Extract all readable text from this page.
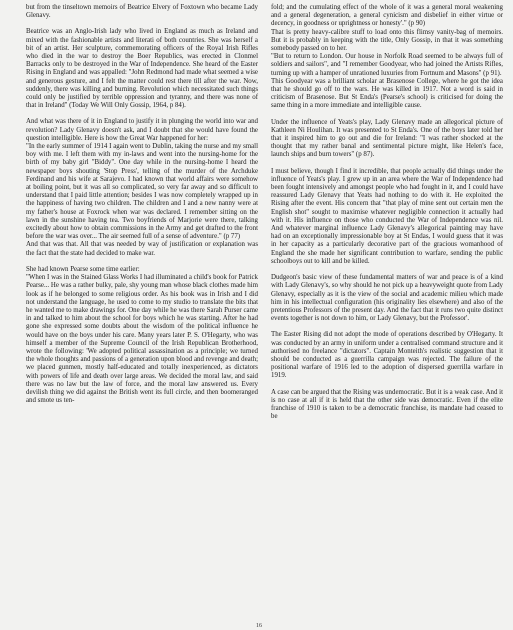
but from the tinseltown memoirs of Beatrice Elvery of Foxtown who became Lady Glenavy.

Beatrice was an Anglo-Irish lady who lived in England as much as Ireland and mixed with the fashionable artists and literati of both countries. She was herself a bit of an artist. Her sculpture, commemorating officers of the Royal Irish Rifles who died in the war to destroy the Boer Republics, was erected in Clonmel Barracks only to be destroyed in the War of Independence. She heard of the Easter Rising in England and was appalled: "John Redmond had made what seemed a wise and generous gesture, and I felt the matter could rest there till after the war. Now, suddenly, there was killing and burning. Revolution which necessitated such things could only be justified by terrible oppression and tyranny, and there was none of that in Ireland" (Today We Will Only Gossip, 1964, p 84).

And what was there of it in England to justify it in plunging the world into war and revolution? Lady Glenavy doesn't ask, and I doubt that she would have found the question intelligible. Here is how the Great War happened for her:

"In the early summer of 1914 I again went to Dublin, taking the nurse and my small boy with me. I left them with my in-laws and went into the nursing-home for the birth of my baby girl "Biddy". One day while in the nursing-home I heard the newspaper boys shouting 'Stop Press', telling of the murder of the Archduke Ferdinand and his wife at Sarajevo. I had known that world affairs were somehow at boiling point, but it was all so complicated, so very far away and so difficult to understand that I paid little attention; besides I was now completely wrapped up in the happiness of having two children. The children and I and a new nanny were at my father's house at Foxrock when war was declared. I remember sitting on the lawn in the sunshine having tea. Two boyfriends of Marjorie were there, talking excitedly about how to obtain commissions in the Army and get drafted to the front before the war was over... The air seemed full of a sense of adventure." (p 77)

And that was that. All that was needed by way of justification or explanation was the fact that the state had decided to make war.

She had known Pearse some time earlier:

"When I was in the Stained Glass Works I had illuminated a child's book for Patrick Pearse... He was a rather bulky, pale, shy young man whose black clothes made him look as if he belonged to some religious order. As his book was in Irish and I did not understand the language, he used to come to my studio to translate the bits that he wanted me to make drawings for. One day while he was there Sarah Purser came in and talked to him about the school for boys which he was starting. After he had gone she expressed some doubts about the wisdom of the political influence he would have on the boys under his care. Many years later P. S. O'Hegarty, who was himself a member of the Supreme Council of the Irish Republican Brotherhood, wrote the following: 'We adopted political assassination as a principle; we turned the whole thoughts and passions of a generation upon blood and revenge and death; we placed gunmen, mostly half-educated and totally inexperienced, as dictators with powers of life and death over large areas. We decided the moral law, and said there was no law but the law of force, and the moral law answered us. Every devilish thing we did against the British went its full circle, and then boomeranged and smote us ten-

fold; and the cumulating effect of the whole of it was a general moral weakening and a general degeneration, a general cynicism and disbelief in either virtue or decency, in goodness or uprightness or honesty'." (p 90)

That is pretty heavy-calibre stuff to load onto this flimsy vanity-bag of memoirs. But it is probably in keeping with the title, Only Gossip, in that it was something somebody passed on to her.

"But to return to London. Our house in Norfolk Road seemed to be always full of soldiers and sailors", and "I remember Goodyear, who had joined the Artists Rifles, turning up with a hamper of unrationed luxuries from Fortnum and Masons" (p 91).

This Goodyear was a brilliant scholar at Brasenose College, where he got the idea that he should go off to the wars. He was killed in 1917. Not a word is said in criticism of Brasenose. But St Enda's (Pearse's school) is criticised for doing the same thing in a more immediate and intelligible cause.

Under the influence of Yeats's play, Lady Glenavy made an allegorical picture of Kathleen Ni Houlihan. It was presented to St Enda's. One of the boys later told her that it inspired him to go out and die for Ireland: "I was rather shocked at the thought that my rather banal and sentimental picture might, like Helen's face, launch ships and burn towers" (p 87).

I must believe, though I find it incredible, that people actually did things under the influence of Yeats's play. I grew up in an area where the War of Independence had been fought intensively and amongst people who had fought in it, and I could have reassured Lady Glenavy that Yeats had nothing to do with it. He exploited the Rising after the event. His concern that "that play of mine sent out certain men the English shot" sought to maximise whatever negligible connection it actually had with it. His influence on those who conducted the War of Independence was nil. And whatever marginal influence Lady Glenavy's allegorical painting may have had on an exceptionally impressionable boy at St Endas, I would guess that it was in her capacity as a particularly decorative part of the gracious womanhood of England the she made her significant contribution to warfare, sending the public schoolboys out to kill and be killed.

Dudgeon's basic view of these fundamental matters of war and peace is of a kind with Lady Glenavy's, so why should he not pick up a heavyweight quote from Lady Glenavy, especially as it is the view of the social and academic milieu which made him in his intellectual configuration (his originality lies elsewhere) and also of the pretentious Professors of the present day. And the fact that it runs two quite distinct events together is not down to him, or Lady Glenavy, but the Professor'.

The Easter Rising did not adopt the mode of operations described by O'Hegarty. It was conducted by an army in uniform under a centralised command structure and it authorised no freelance "dictators". Captain Monteith's realistic suggestion that it should be conducted as a guerrilla campaign was rejected. The failure of the positional warfare of 1916 led to the adoption of dispersed guerrilla warfare in 1919.

A case can be argued that the Rising was undemocratic. But it is a weak case. And it is no case at all if it is held that the other side was democratic. Even if the elite franchise of 1910 is taken to be a democratic franchise, its mandate had ceased to be

16
